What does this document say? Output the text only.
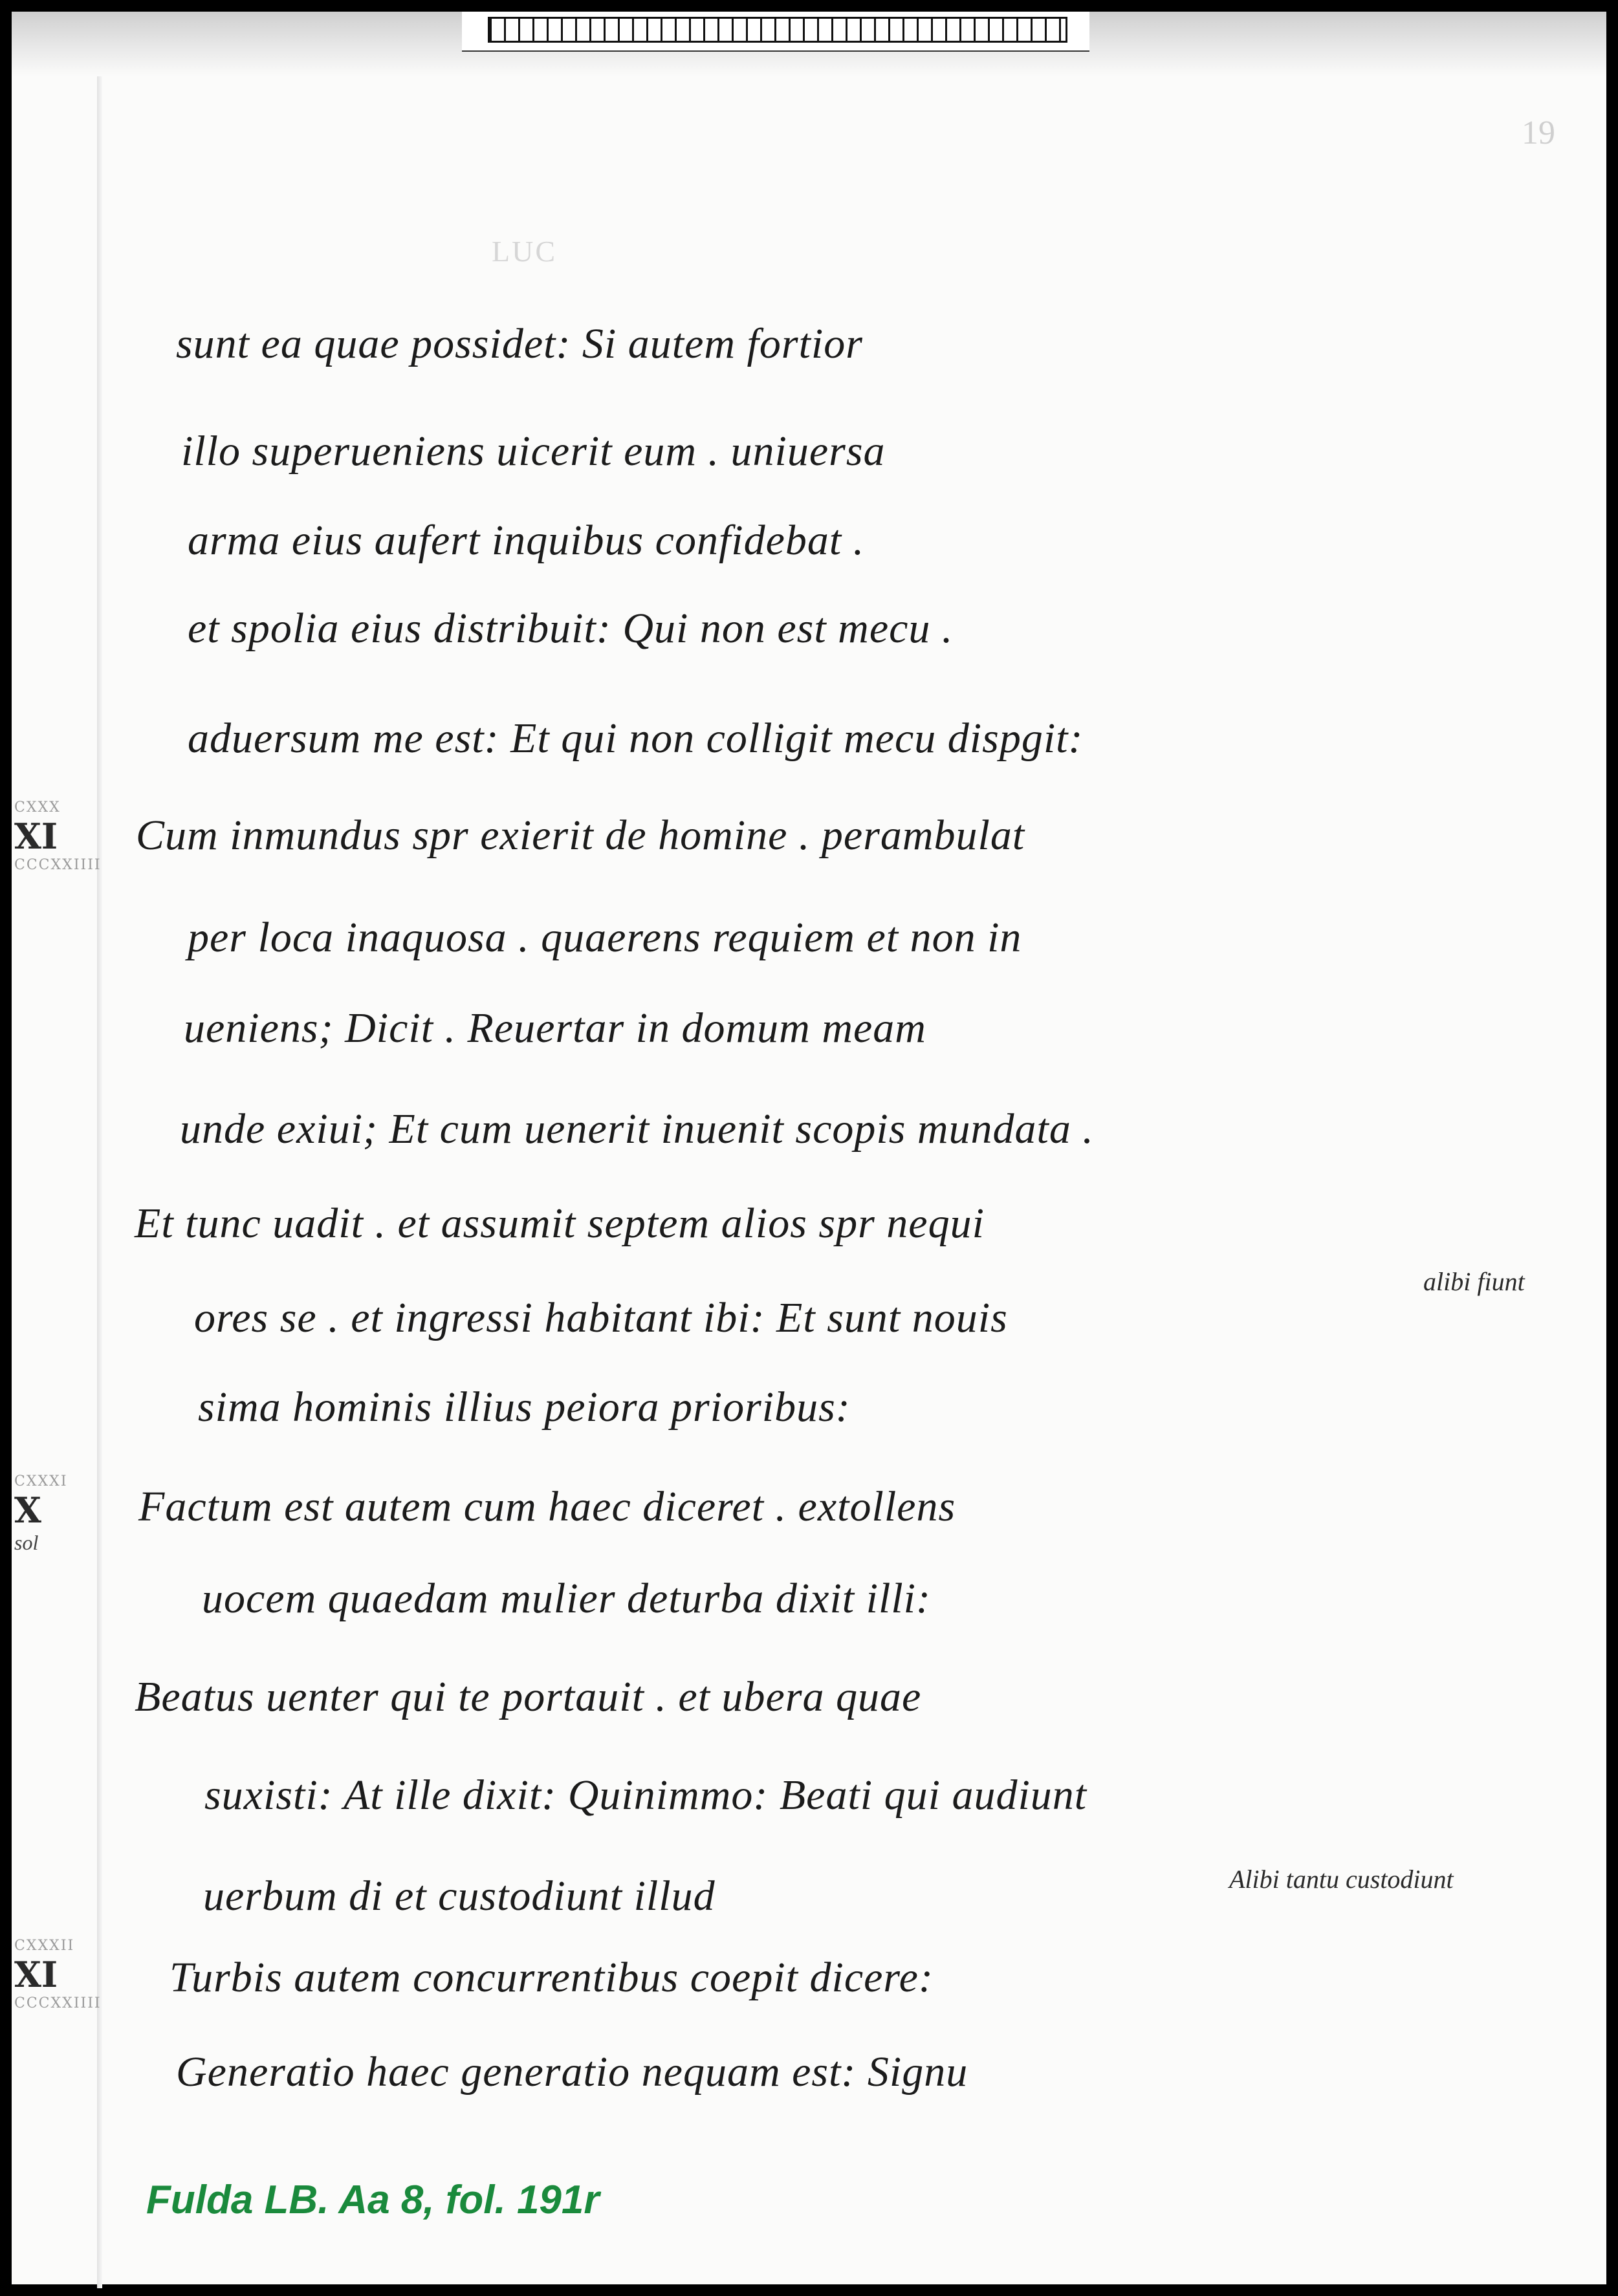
19
LUC
sunt ea quae possidet: Si autem fortior
illo superueniens uicerit eum . uniuersa
arma eius aufert inquibus confidebat .
et spolia eius distribuit: Qui non est mecu .
aduersum me est: Et qui non colligit mecu dispgit:
Cum inmundus spr exierit de homine . perambulat
per loca inaquosa . quaerens requiem et non in
ueniens; Dicit . Reuertar in domum meam
unde exiui; Et cum uenerit inuenit scopis mundata .
Et tunc uadit . et assumit septem alios spr nequi
ores se . et ingressi habitant ibi: Et sunt nouis
sima hominis illius peiora prioribus:
Factum est autem cum haec diceret . extollens
uocem quaedam mulier deturba dixit illi:
Beatus uenter qui te portauit . et ubera quae
suxisti: At ille dixit: Quinimmo: Beati qui audiunt
uerbum di et custodiunt illud
Turbis autem concurrentibus coepit dicere:
Generatio haec generatio nequam est: Signu
CXXX
XI
CCCXXIIII
CXXXI
X
sol
CXXXII
XI
CCCXXIIII
alibi fiunt
Alibi tantu custodiunt
Fulda LB. Aa 8, fol. 191r
